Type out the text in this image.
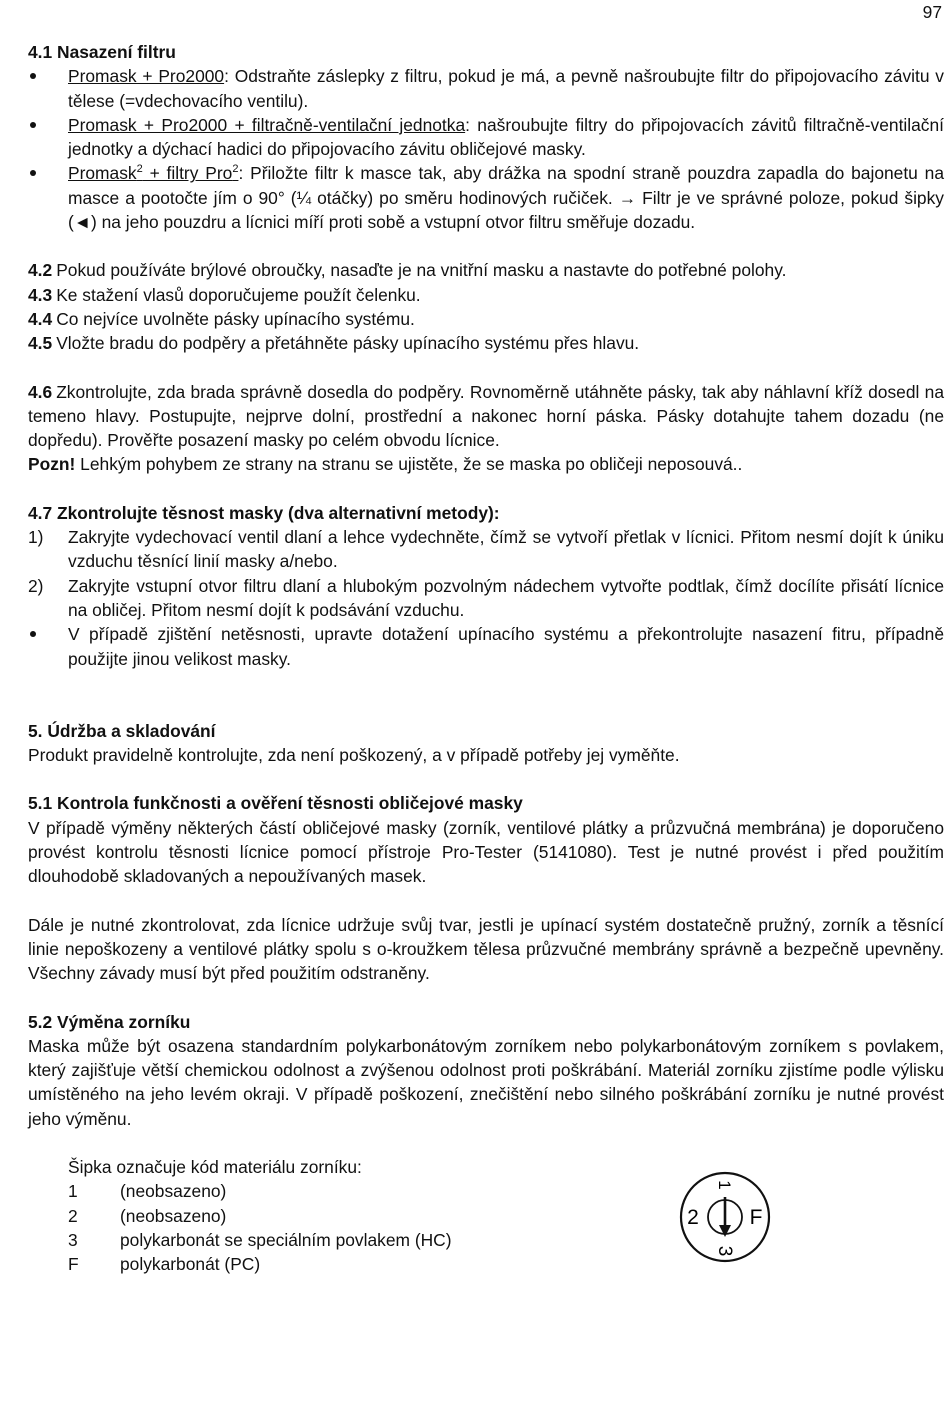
97

4.1 Nasazení filtru

Promask + Pro2000: Odstraňte záslepky z filtru, pokud je má, a pevně našroubujte filtr do připojovacího závitu v tělese (=vdechovacího ventilu).

Promask + Pro2000 + filtračně-ventilační jednotka: našroubujte filtry do připojovacích závitů filtračně-ventilační jednotky a dýchací hadici do připojovacího závitu obličejové masky.

Promask$^2$ + filtry Pro$^2$: Přiložte filtr k masce tak, aby drážka na spodní straně pouzdra zapadla do bajonetu na masce a pootočte jím o 90° (¼ otáčky) po směru hodinových ručiček. → Filtr je ve správné poloze, pokud šipky (◄) na jeho pouzdru a lícnici míří proti sobě a vstupní otvor filtru směřuje dozadu.

4.2 Pokud používáte brýlové obroučky, nasaďte je na vnitřní masku a nastavte do potřebné polohy.
4.3 Ke stažení vlasů doporučujeme použít čelenku.
4.4 Co nejvíce uvolněte pásky upínacího systému.
4.5 Vložte bradu do podpěry a přetáhněte pásky upínacího systému přes hlavu.

4.6 Zkontrolujte, zda brada správně dosedla do podpěry. Rovnoměrně utáhněte pásky, tak aby náhlavní kříž dosedl na temeno hlavy. Postupujte, nejprve dolní, prostřední a nakonec horní páska. Pásky dotahujte tahem dozadu (ne dopředu). Prověřte posazení masky po celém obvodu lícnice.

Pozn! Lehkým pohybem ze strany na stranu se ujistěte, že se maska po obličeji neposouvá..

4.7 Zkontrolujte těsnost masky (dva alternativní metody):

1)	Zakryjte vydechovací ventil dlaní a lehce vydechněte, čímž se vytvoří přetlak v lícnici. Přitom nesmí dojít k úniku vzduchu těsnící linií masky a/nebo.

2)	Zakryjte vstupní otvor filtru dlaní a hlubokým pozvolným nádechem vytvořte podtlak, čímž docílíte přisátí lícnice na obličej. Přitom nesmí dojít k podsávání vzduchu.

V případě zjištění netěsnosti, upravte dotažení upínacího systému a překontrolujte nasazení fitru, případně použijte jinou velikost masky.

5. Údržba a skladování

Produkt pravidelně kontrolujte, zda není poškozený, a v případě potřeby jej vyměňte.

5.1 Kontrola funkčnosti a ověření těsnosti obličejové masky

V případě výměny některých částí obličejové masky (zorník, ventilové plátky a průzvučná membrána) je doporučeno provést kontrolu těsnosti lícnice pomocí přístroje Pro-Tester (5141080). Test je nutné provést i před použitím dlouhodobě skladovaných a nepoužívaných masek.

Dále je nutné zkontrolovat, zda lícnice udržuje svůj tvar, jestli je upínací systém dostatečně pružný, zorník a těsnící linie nepoškozeny a ventilové plátky spolu s o-kroužkem tělesa průzvučné membrány správně a bezpečně upevněny. Všechny závady musí být před použitím odstraněny.

5.2 Výměna zorníku

Maska může být osazena standardním polykarbonátovým zorníkem nebo polykarbonátovým zorníkem s povlakem, který zajišťuje větší chemickou odolnost a zvýšenou odolnost proti poškrábání. Materiál zorníku zjistíme podle výlisku umístěného na jeho levém okraji. V případě poškození, znečištění nebo silného poškrábání zorníku je nutné provést jeho výměnu.

Šipka označuje kód materiálu zorníku:

1	(neobsazeno)
2	(neobsazeno)
3	polykarbonát se speciálním povlakem (HC)
F	polykarbonát (PC)
1
2 F
3
